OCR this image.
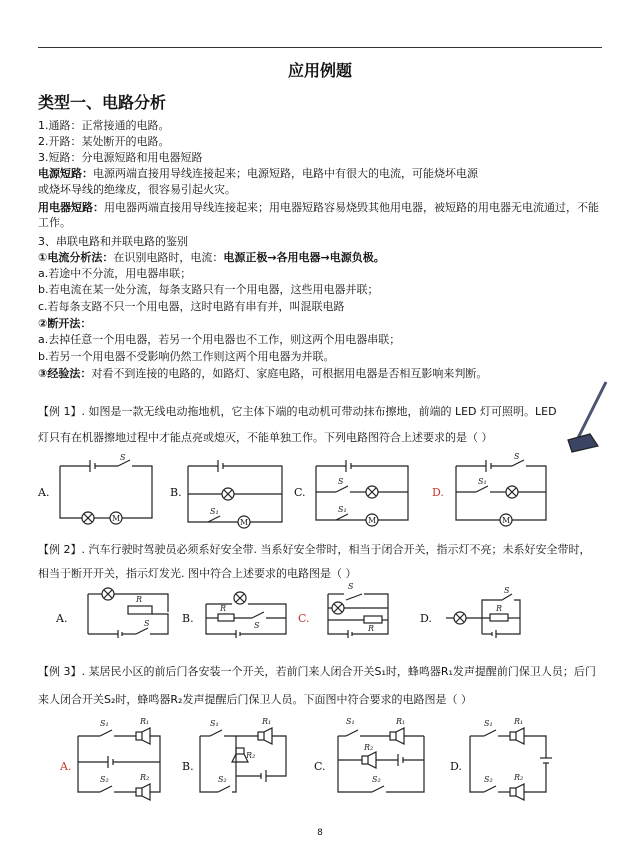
应用例题
类型一、电路分析
1.通路：正常接通的电路。
2.开路：某处断开的电路。
3.短路：分电源短路和用电器短路
电源短路：电源两端直接用导线连接起来；电源短路，电路中有很大的电流，可能烧坏电源
或烧坏导线的绝缘皮，很容易引起火灾。
用电器短路：用电器两端直接用导线连接起来；用电器短路容易烧毁其他用电器，被短路的用电器无电流通过，不能工作。
3、串联电路和并联电路的鉴别
①电流分析法：在识别电路时，电流：电源正极→各用电器→电源负极。
a.若途中不分流，用电器串联；
b.若电流在某一处分流，每条支路只有一个用电器，这些用电器并联；
c.若每条支路不只一个用电器，这时电路有串有并，叫混联电路
②断开法：
a.去掉任意一个用电器，若另一个用电器也不工作，则这两个用电器串联；
b.若另一个用电器不受影响仍然工作则这两个用电器为并联。
③经验法：对看不到连接的电路的，如路灯、家庭电路，可根据用电器是否相互影响来判断。
【例 1】. 如图是一款无线电动拖地机，它主体下端的电动机可带动抹布擦地，前端的 LED 灯可照明。LED
灯只有在机器擦地过程中才能点亮或熄灭，不能单独工作。下列电路图符合上述要求的是（ ）
A.
S
M
B.
S₁
M
C.
S
S₁
M
D.
S
S₁
M
【例 2】. 汽车行驶时驾驶员必须系好安全带. 当系好安全带时，相当于闭合开关，指示灯不亮；未系好安全带时，
相当于断开开关，指示灯发光. 图中符合上述要求的电路图是（ ）
A.
R
S	B.
R
S
C.
S
R
D.
S
R
【例 3】. 某居民小区的前后门各安装一个开关，若前门来人闭合开关S₁时，蜂鸣器R₁发声提醒前门保卫人员；后门
来人闭合开关S₂时，蜂鸣器R₂发声提醒后门保卫人员。下面图中符合要求的电路图是（ ）
A.
S₁
S₂
R₁
R₂
B.
S₂
S₁	R₁
R₂
C.
S₂
S₁	R₁
R₂
D.
S₂
S₁	R₁
R₂
8
